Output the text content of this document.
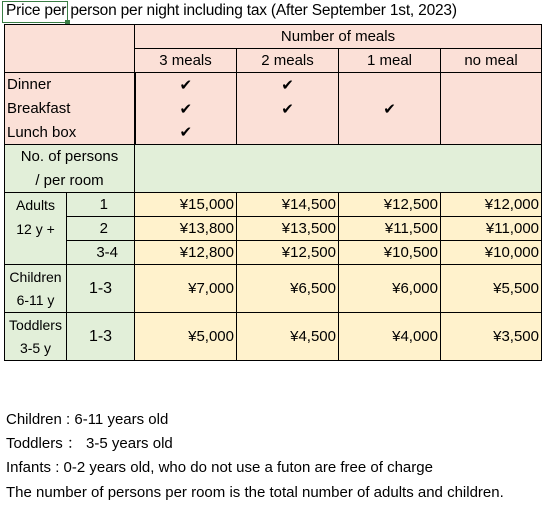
Price per person per night including tax (After September 1st, 2023)
		Number of meals			
		3 meals	2 meals	1 meal	no meal
Dinner		✔	✔		
Breakfast		✔	✔	✔	
Lunch box		✔			
No. of persons					
/ per room					
Adults	1	¥15,000	¥14,500	¥12,500	¥12,000
12 y +	2	¥13,800	¥13,500	¥11,500	¥11,000
	3-4	¥12,800	¥12,500	¥10,500	¥10,000
Children	1-3	¥7,000	¥6,500	¥6,000	¥5,500
6-11 y					
Toddlers	1-3	¥5,000	¥4,500	¥4,000	¥3,500
3-5 y					
Children : 6-11 years old
Toddlers ： 3-5 years old
Infants : 0-2 years old, who do not use a futon are free of charge
The number of persons per room is the total number of adults and children.
